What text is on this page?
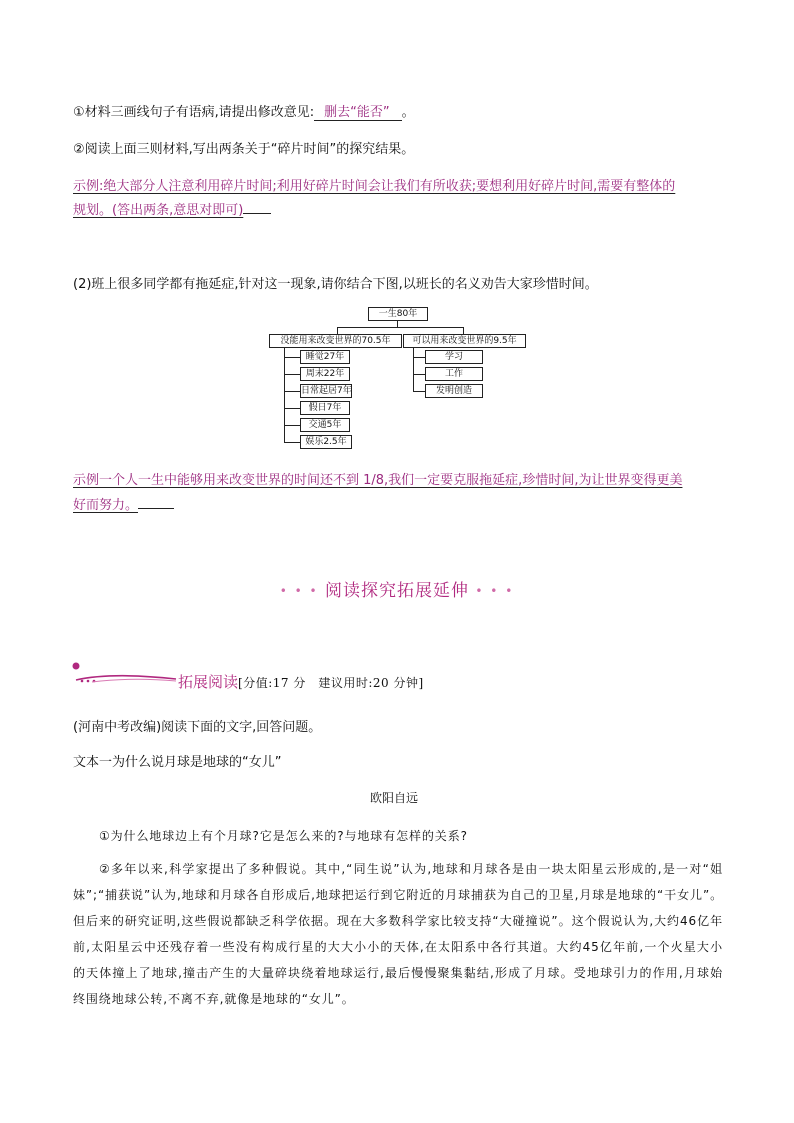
①材料三画线句子有语病,请提出修改意见: 删去“能否” 。
②阅读上面三则材料,写出两条关于“碎片时间”的探究结果。
示例:绝大部分人注意利用碎片时间;利用好碎片时间会让我们有所收获;要想利用好碎片时间,需要有整体的
规划。(答出两条,意思对即可)
(2)班上很多同学都有拖延症,针对这一现象,请你结合下图,以班长的名义劝告大家珍惜时间。
一生80年
没能用来改变世界的70.5年	可以用来改变世界的9.5年
睡觉27年
周末22年
日常起居7年
假日7年
交通5年
娱乐2.5年
学习
工作
发明创造
示例一个人一生中能够用来改变世界的时间还不到 1/8,我们一定要克服拖延症,珍惜时间,为让世界变得更美
好而努力。
• • • 阅读探究拓展延伸 • • •
拓展阅读[分值:17 分　建议用时:20 分钟]
(河南中考改编)阅读下面的文字,回答问题。
文本一为什么说月球是地球的“女儿”
欧阳自远
①为什么地球边上有个月球?它是怎么来的?与地球有怎样的关系?
②多年以来,科学家提出了多种假说。其中,“同生说”认为,地球和月球各是由一块太阳星云形成的,是一对“姐妹”;“捕获说”认为,地球和月球各自形成后,地球把运行到它附近的月球捕获为自己的卫星,月球是地球的“干女儿”。但后来的研究证明,这些假说都缺乏科学依据。现在大多数科学家比较支持“大碰撞说”。这个假说认为,大约46亿年前,太阳星云中还残存着一些没有构成行星的大大小小的天体,在太阳系中各行其道。大约45亿年前,一个火星大小的天体撞上了地球,撞击产生的大量碎块绕着地球运行,最后慢慢聚集黏结,形成了月球。受地球引力的作用,月球始终围绕地球公转,不离不弃,就像是地球的“女儿”。
